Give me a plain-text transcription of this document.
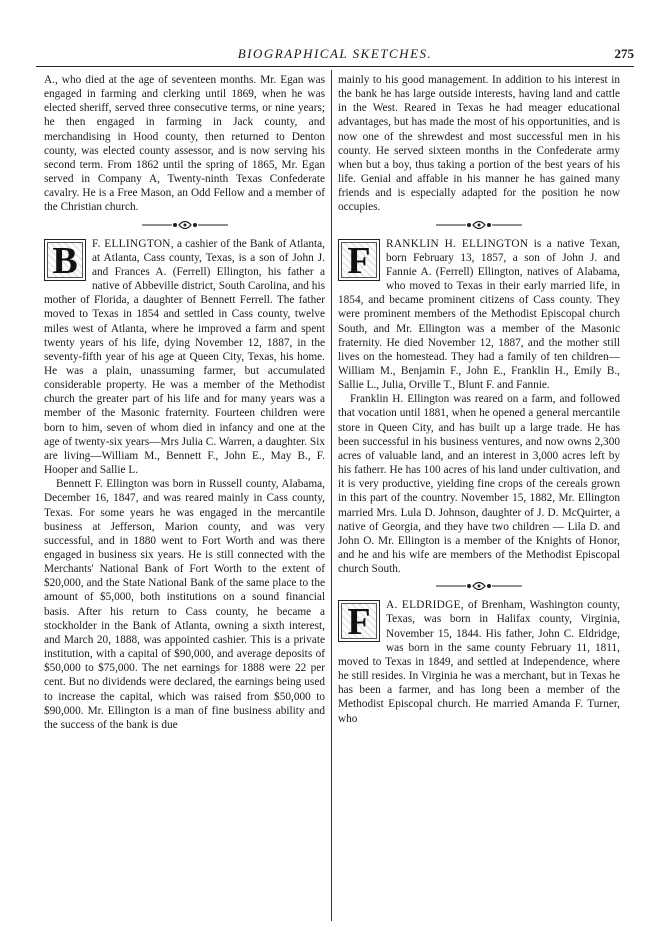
BIOGRAPHICAL SKETCHES.	275

A., who died at the age of seventeen months. Mr. Egan was engaged in farming and clerking until 1869, when he was elected sheriff, served three consecutive terms, or nine years; he then engaged in farming in Jack county, and merchandising in Hood county, then returned to Denton county, was elected county assessor, and is now serving his second term. From 1862 until the spring of 1865, Mr. Egan served in Company A, Twenty-ninth Texas Confederate cavalry. He is a Free Mason, an Odd Fellow and a member of the Christian church.

B	F. ELLINGTON, a cashier of the Bank of Atlanta, at Atlanta, Cass county, Texas, is a son of John J. and Frances A. (Ferrell) Ellington, his father a native of Abbeville district, South Carolina, and his mother of Florida, a daughter of Bennett Ferrell. The father moved to Texas in 1854 and settled in Cass county, twelve miles west of Atlanta, where he improved a farm and spent twenty years of his life, dying November 12, 1887, in the seventy-fifth year of his age at Queen City, Texas, his home. He was a plain, unassuming farmer, but accumulated considerable property. He was a member of the Methodist church the greater part of his life and for many years was a member of the Masonic fraternity. Fourteen children were born to him, seven of whom died in infancy and one at the age of twenty-six years—Mrs Julia C. Warren, a daughter. Six are living—William M., Bennett F., John E., May B., F. Hooper and Sallie L.

Bennett F. Ellington was born in Russell county, Alabama, December 16, 1847, and was reared mainly in Cass county, Texas. For some years he was engaged in the mercantile business at Jefferson, Marion county, and was very successful, and in 1880 went to Fort Worth and was there engaged in business six years. He is still connected with the Merchants' National Bank of Fort Worth to the extent of $20,000, and the State National Bank of the same place to the amount of $5,000, both institutions on a sound financial basis. After his return to Cass county, he became a stockholder in the Bank of Atlanta, owning a sixth interest, and March 20, 1888, was appointed cashier. This is a private institution, with a capital of $90,000, and average deposits of $50,000 to $75,000. The net earnings for 1888 were 22 per cent. But no dividends were declared, the earnings being used to increase the capital, which was raised from $50,000 to $90,000. Mr. Ellington is a man of fine business ability and the success of the bank is due

mainly to his good management. In addition to his interest in the bank he has large outside interests, having land and cattle in the West. Reared in Texas he had meager educational advantages, but has made the most of his opportunities, and is now one of the shrewdest and most successful men in his county. He served sixteen months in the Confederate army when but a boy, thus taking a portion of the best years of his life. Genial and affable in his manner he has gained many friends and is especially adapted for the position he now occupies.

F	RANKLIN H. ELLINGTON is a native Texan, born February 13, 1857, a son of John J. and Fannie A. (Ferrell) Ellington, natives of Alabama, who moved to Texas in their early married life, in 1854, and became prominent citizens of Cass county. They were prominent members of the Methodist Episcopal church South, and Mr. Ellington was a member of the Masonic fraternity. He died November 12, 1887, and the mother still lives on the homestead. They had a family of ten children—William M., Benjamin F., John E., Franklin H., Emily B., Sallie L., Julia, Orville T., Blunt F. and Fannie.

Franklin H. Ellington was reared on a farm, and followed that vocation until 1881, when he opened a general mercantile store in Queen City, and has built up a large trade. He has been successful in his business ventures, and now owns 2,300 acres of valuable land, and an interest in 3,000 acres left by his fatherr. He has 100 acres of his land under cultivation, and it is very productive, yielding fine crops of the cereals grown in this part of the country. November 15, 1882, Mr. Ellington married Mrs. Lula D. Johnson, daughter of J. D. McQuirter, a native of Georgia, and they have two children — Lila D. and John O. Mr. Ellington is a member of the Knights of Honor, and he and his wife are members of the Methodist Episcopal church South.

F	A. ELDRIDGE, of Brenham, Washington county, Texas, was born in Halifax county, Virginia, November 15, 1844. His father, John C. Eldridge, was born in the same county February 11, 1811, moved to Texas in 1849, and settled at Independence, where he still resides. In Virginia he was a merchant, but in Texas he has been a farmer, and has long been a member of the Methodist Episcopal church. He married Amanda F. Turner, who
